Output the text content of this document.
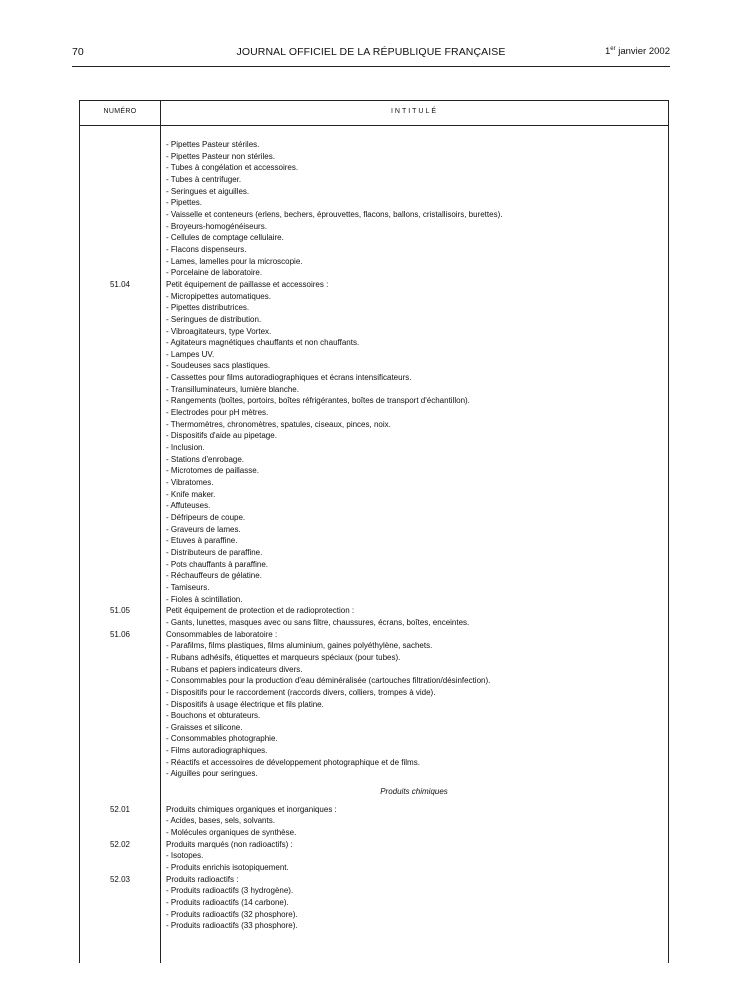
70	JOURNAL OFFICIEL DE LA RÉPUBLIQUE FRANÇAISE	1er janvier 2002
NUMÉRO	INTITULÉ
- Pipettes Pasteur stériles.
- Pipettes Pasteur non stériles.
- Tubes à congélation et accessoires.
- Tubes à centrifuger.
- Seringues et aiguilles.
- Pipettes.
- Vaisselle et conteneurs (erlens, bechers, éprouvettes, flacons, ballons, cristallisoirs, burettes).
- Broyeurs-homogénéiseurs.
- Cellules de comptage cellulaire.
- Flacons dispenseurs.
- Lames, lamelles pour la microscopie.
- Porcelaine de laboratoire.
51.04	Petit équipement de paillasse et accessoires :
- Micropipettes automatiques.
- Pipettes distributrices.
- Seringues de distribution.
- Vibroagitateurs, type Vortex.
- Agitateurs magnétiques chauffants et non chauffants.
- Lampes UV.
- Soudeuses sacs plastiques.
- Cassettes pour films autoradiographiques et écrans intensificateurs.
- Transilluminateurs, lumière blanche.
- Rangements (boîtes, portoirs, boîtes réfrigérantes, boîtes de transport d'échantillon).
- Electrodes pour pH mètres.
- Thermomètres, chronomètres, spatules, ciseaux, pinces, noix.
- Dispositifs d'aide au pipetage.
- Inclusion.
- Stations d'enrobage.
- Microtomes de paillasse.
- Vibratomes.
- Knife maker.
- Affuteuses.
- Défripeurs de coupe.
- Graveurs de lames.
- Etuves à paraffine.
- Distributeurs de paraffine.
- Pots chauffants à paraffine.
- Réchauffeurs de gélatine.
- Tamiseurs.
- Fioles à scintillation.
51.05	Petit équipement de protection et de radioprotection :
- Gants, lunettes, masques avec ou sans filtre, chaussures, écrans, boîtes, enceintes.
51.06	Consommables de laboratoire :
- Parafilms, films plastiques, films aluminium, gaines polyéthylène, sachets.
- Rubans adhésifs, étiquettes et marqueurs spéciaux (pour tubes).
- Rubans et papiers indicateurs divers.
- Consommables pour la production d'eau déminéralisée (cartouches filtration/désinfection).
- Dispositifs pour le raccordement (raccords divers, colliers, trompes à vide).
- Dispositifs à usage électrique et fils platine.
- Bouchons et obturateurs.
- Graisses et silicone.
- Consommables photographie.
- Films autoradiographiques.
- Réactifs et accessoires de développement photographique et de films.
- Aiguilles pour seringues.
Produits chimiques
52.01	Produits chimiques organiques et inorganiques :
- Acides, bases, sels, solvants.
- Molécules organiques de synthèse.
52.02	Produits marqués (non radioactifs) :
- Isotopes.
- Produits enrichis isotopiquement.
52.03	Produits radioactifs :
- Produits radioactifs (3 hydrogène).
- Produits radioactifs (14 carbone).
- Produits radioactifs (32 phosphore).
- Produits radioactifs (33 phosphore).
